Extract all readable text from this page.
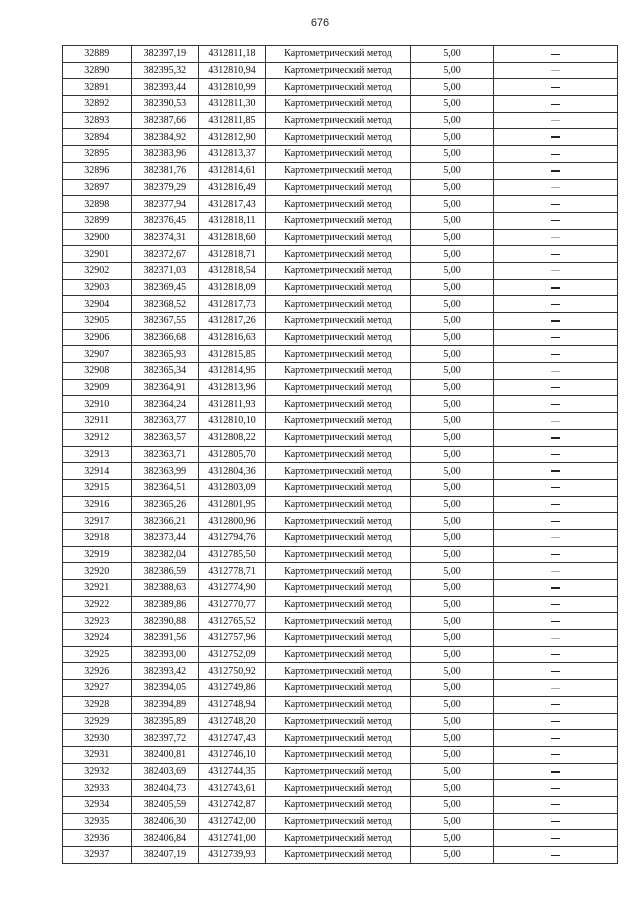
676
32889	382397,19	4312811,18	Картометрический метод	5,00	
32890	382395,32	4312810,94	Картометрический метод	5,00	
32891	382393,44	4312810,99	Картометрический метод	5,00	
32892	382390,53	4312811,30	Картометрический метод	5,00	
32893	382387,66	4312811,85	Картометрический метод	5,00	
32894	382384,92	4312812,90	Картометрический метод	5,00	
32895	382383,96	4312813,37	Картометрический метод	5,00	
32896	382381,76	4312814,61	Картометрический метод	5,00	
32897	382379,29	4312816,49	Картометрический метод	5,00	
32898	382377,94	4312817,43	Картометрический метод	5,00	
32899	382376,45	4312818,11	Картометрический метод	5,00	
32900	382374,31	4312818,60	Картометрический метод	5,00	
32901	382372,67	4312818,71	Картометрический метод	5,00	
32902	382371,03	4312818,54	Картометрический метод	5,00	
32903	382369,45	4312818,09	Картометрический метод	5,00	
32904	382368,52	4312817,73	Картометрический метод	5,00	
32905	382367,55	4312817,26	Картометрический метод	5,00	
32906	382366,68	4312816,63	Картометрический метод	5,00	
32907	382365,93	4312815,85	Картометрический метод	5,00	
32908	382365,34	4312814,95	Картометрический метод	5,00	
32909	382364,91	4312813,96	Картометрический метод	5,00	
32910	382364,24	4312811,93	Картометрический метод	5,00	
32911	382363,77	4312810,10	Картометрический метод	5,00	
32912	382363,57	4312808,22	Картометрический метод	5,00	
32913	382363,71	4312805,70	Картометрический метод	5,00	
32914	382363,99	4312804,36	Картометрический метод	5,00	
32915	382364,51	4312803,09	Картометрический метод	5,00	
32916	382365,26	4312801,95	Картометрический метод	5,00	
32917	382366,21	4312800,96	Картометрический метод	5,00	
32918	382373,44	4312794,76	Картометрический метод	5,00	
32919	382382,04	4312785,50	Картометрический метод	5,00	
32920	382386,59	4312778,71	Картометрический метод	5,00	
32921	382388,63	4312774,90	Картометрический метод	5,00	
32922	382389,86	4312770,77	Картометрический метод	5,00	
32923	382390,88	4312765,52	Картометрический метод	5,00	
32924	382391,56	4312757,96	Картометрический метод	5,00	
32925	382393,00	4312752,09	Картометрический метод	5,00	
32926	382393,42	4312750,92	Картометрический метод	5,00	
32927	382394,05	4312749,86	Картометрический метод	5,00	
32928	382394,89	4312748,94	Картометрический метод	5,00	
32929	382395,89	4312748,20	Картометрический метод	5,00	
32930	382397,72	4312747,43	Картометрический метод	5,00	
32931	382400,81	4312746,10	Картометрический метод	5,00	
32932	382403,69	4312744,35	Картометрический метод	5,00	
32933	382404,73	4312743,61	Картометрический метод	5,00	
32934	382405,59	4312742,87	Картометрический метод	5,00	
32935	382406,30	4312742,00	Картометрический метод	5,00	
32936	382406,84	4312741,00	Картометрический метод	5,00	
32937	382407,19	4312739,93	Картометрический метод	5,00	
